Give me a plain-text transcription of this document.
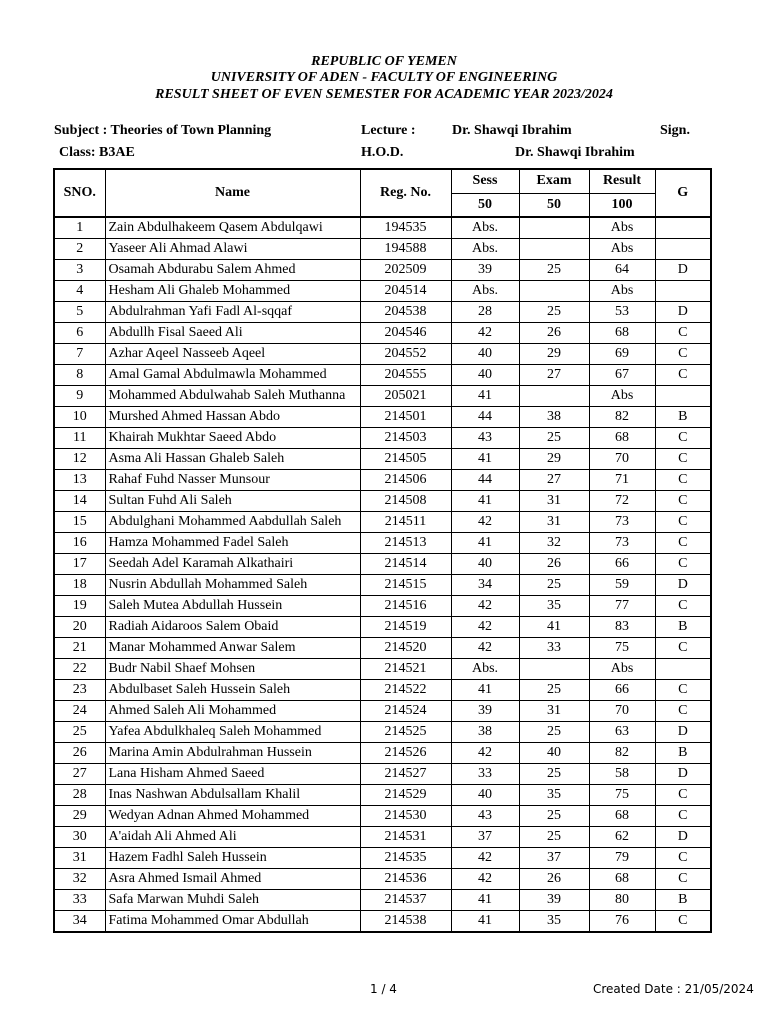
REPUBLIC OF YEMEN
UNIVERSITY OF ADEN - FACULTY OF ENGINEERING
RESULT SHEET OF EVEN SEMESTER FOR ACADEMIC YEAR 2023/2024
Subject : Theories of Town Planning	Lecture :	Dr. Shawqi Ibrahim	Sign.
Class: B3AE	H.O.D.	Dr. Shawqi Ibrahim
SNO.	Name	Reg. No.	Sess	Exam	Result	G
			50	50	100	
1	Zain Abdulhakeem Qasem Abdulqawi	194535	Abs.		Abs	
2	Yaseer Ali Ahmad Alawi	194588	Abs.		Abs	
3	Osamah Abdurabu Salem Ahmed	202509	39	25	64	D
4	Hesham Ali Ghaleb Mohammed	204514	Abs.		Abs	
5	Abdulrahman Yafi Fadl Al-sqqaf	204538	28	25	53	D
6	Abdullh Fisal Saeed Ali	204546	42	26	68	C
7	Azhar Aqeel Nasseeb Aqeel	204552	40	29	69	C
8	Amal Gamal Abdulmawla Mohammed	204555	40	27	67	C
9	Mohammed Abdulwahab Saleh Muthanna	205021	41		Abs	
10	Murshed Ahmed Hassan Abdo	214501	44	38	82	B
11	Khairah Mukhtar Saeed Abdo	214503	43	25	68	C
12	Asma Ali Hassan Ghaleb Saleh	214505	41	29	70	C
13	Rahaf Fuhd Nasser Munsour	214506	44	27	71	C
14	Sultan Fuhd Ali Saleh	214508	41	31	72	C
15	Abdulghani Mohammed Aabdullah Saleh	214511	42	31	73	C
16	Hamza Mohammed Fadel Saleh	214513	41	32	73	C
17	Seedah Adel Karamah Alkathairi	214514	40	26	66	C
18	Nusrin Abdullah Mohammed Saleh	214515	34	25	59	D
19	Saleh Mutea Abdullah Hussein	214516	42	35	77	C
20	Radiah Aidaroos Salem Obaid	214519	42	41	83	B
21	Manar Mohammed Anwar Salem	214520	42	33	75	C
22	Budr Nabil Shaef Mohsen	214521	Abs.		Abs	
23	Abdulbaset Saleh Hussein Saleh	214522	41	25	66	C
24	Ahmed Saleh Ali Mohammed	214524	39	31	70	C
25	Yafea Abdulkhaleq Saleh Mohammed	214525	38	25	63	D
26	Marina Amin Abdulrahman Hussein	214526	42	40	82	B
27	Lana Hisham Ahmed Saeed	214527	33	25	58	D
28	Inas Nashwan Abdulsallam Khalil	214529	40	35	75	C
29	Wedyan Adnan Ahmed Mohammed	214530	43	25	68	C
30	A'aidah Ali Ahmed Ali	214531	37	25	62	D
31	Hazem Fadhl Saleh Hussein	214535	42	37	79	C
32	Asra Ahmed Ismail Ahmed	214536	42	26	68	C
33	Safa Marwan Muhdi Saleh	214537	41	39	80	B
34	Fatima Mohammed Omar Abdullah	214538	41	35	76	C
1 / 4	Created Date : 21/05/2024
